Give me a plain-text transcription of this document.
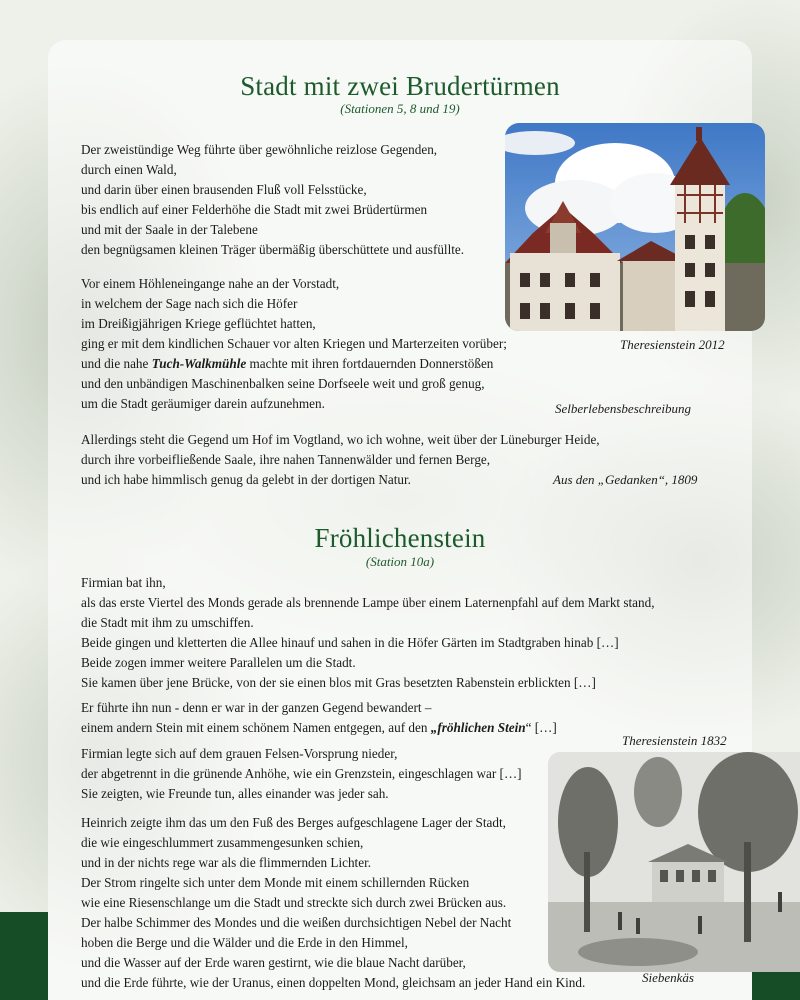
Stadt mit zwei Brudertürmen
(Stationen 5, 8 und 19)
Der zweistündige Weg führte über gewöhnliche reizlose Gegenden,
durch einen Wald,
und darin über einen brausenden Fluß voll Felsstücke,
bis endlich auf einer Felderhöhe die Stadt mit zwei Brüdertürmen
und mit der Saale in der Talebene
den begnügsamen kleinen Träger übermäßig überschüttete und ausfüllte.
Vor einem Höhleneingange nahe an der Vorstadt,
in welchem der Sage nach sich die Höfer
im Dreißigjährigen Kriege geflüchtet hatten,
ging er mit dem kindlichen Schauer vor alten Kriegen und Marterzeiten vorüber;
und die nahe Tuch-Walkmühle machte mit ihren fortdauernden Donnerstößen
und den unbändigen Maschinenbalken seine Dorfseele weit und groß genug,
um die Stadt geräumiger darein aufzunehmen.
Theresienstein 2012
Selberlebensbeschreibung
Allerdings steht die Gegend um Hof im Vogtland, wo ich wohne, weit über der Lüneburger Heide,
durch ihre vorbeifließende Saale, ihre nahen Tannenwälder und fernen Berge,
und ich habe himmlisch genug da gelebt in der dortigen Natur.	Aus den „Gedanken“, 1809
Fröhlichenstein
(Station 10a)
Firmian bat ihn,
als das erste Viertel des Monds gerade als brennende Lampe über einem Laternenpfahl auf dem Markt stand,
die Stadt mit ihm zu umschiffen.
Beide gingen und kletterten die Allee hinauf und sahen in die Höfer Gärten im Stadtgraben hinab […]
Beide zogen immer weitere Parallelen um die Stadt.
Sie kamen über jene Brücke, von der sie einen blos mit Gras besetzten Rabenstein erblickten […]
Er führte ihn nun - denn er war in der ganzen Gegend bewandert –
einem andern Stein mit einem schönem Namen entgegen, auf den „fröhlichen Stein“ […]
Theresienstein 1832
Firmian legte sich auf dem grauen Felsen-Vorsprung nieder,
der abgetrennt in die grünende Anhöhe, wie ein Grenzstein, eingeschlagen war […]
Sie zeigten, wie Freunde tun, alles einander was jeder sah.
Heinrich zeigte ihm das um den Fuß des Berges aufgeschlagene Lager der Stadt,
die wie eingeschlummert zusammengesunken schien,
und in der nichts rege war als die flimmernden Lichter.
Der Strom ringelte sich unter dem Monde mit einem schillernden Rücken
wie eine Riesenschlange um die Stadt und streckte sich durch zwei Brücken aus.
Der halbe Schimmer des Mondes und die weißen durchsichtigen Nebel der Nacht
hoben die Berge und die Wälder und die Erde in den Himmel,
und die Wasser auf der Erde waren gestirnt, wie die blaue Nacht darüber,
und die Erde führte, wie der Uranus, einen doppelten Mond, gleichsam an jeder Hand ein Kind.	Siebenkäs
